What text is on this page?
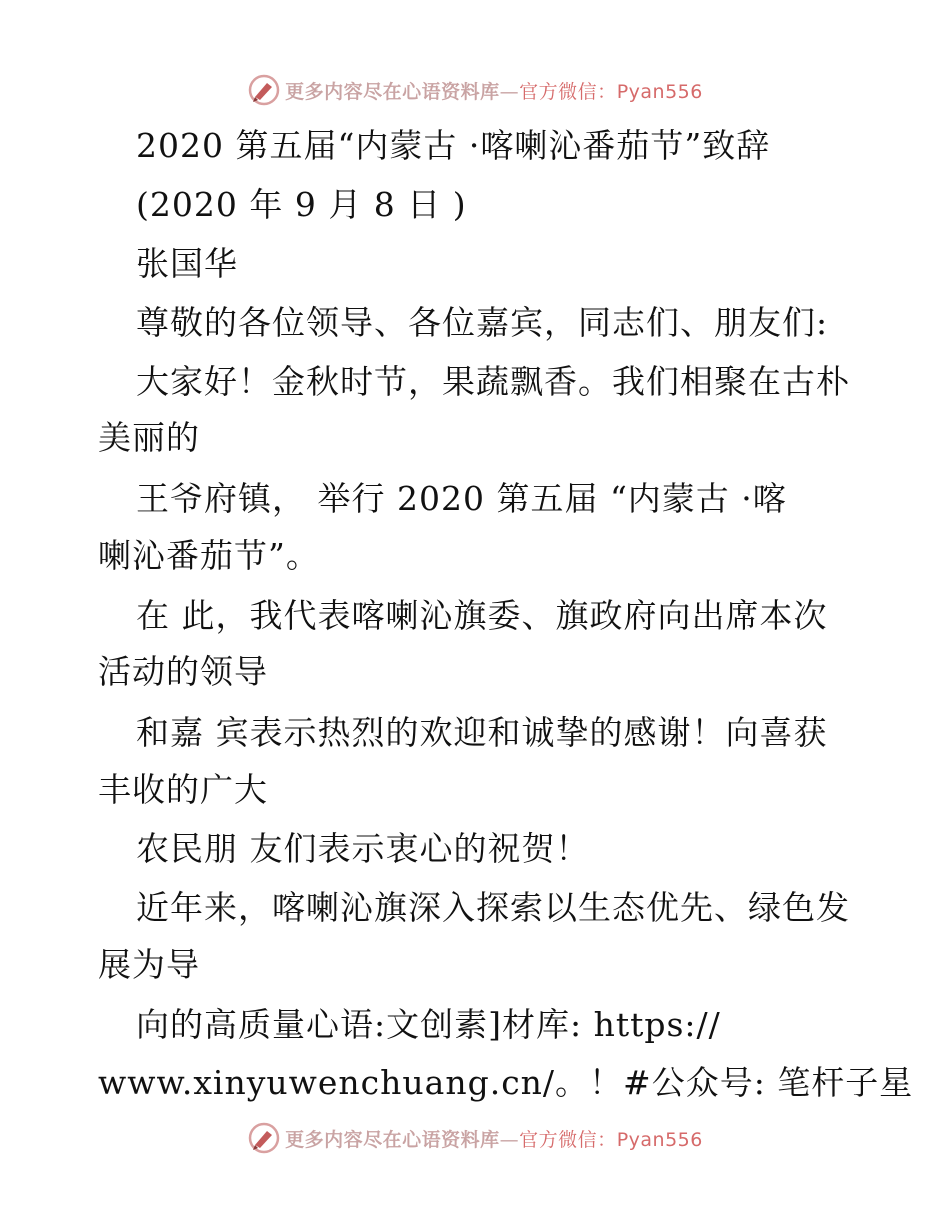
更多内容尽在心语资料库—官方微信：Pyan556
2020 第五届“内蒙古 ·喀喇沁番茄节”致辞
(2020 年 9 月 8 日 )
张国华
尊敬的各位领导、各位嘉宾，同志们、朋友们:
大家好！金秋时节，果蔬飘香。我们相聚在古朴
美丽的
王爷府镇， 举行 2020 第五届 “内蒙古 ·喀
喇沁番茄节”。
在 此，我代表喀喇沁旗委、旗政府向出席本次
活动的领导
和嘉 宾表示热烈的欢迎和诚挚的感谢！向喜获
丰收的广大
农民朋 友们表示衷心的祝贺！
近年来，喀喇沁旗深入探索以生态优先、绿色发
展为导
向的高质量心语:文创素]材库: https://
www.xinyuwenchuang.cn/。！#公众号: 笔杆子星
更多内容尽在心语资料库—官方微信：Pyan556
